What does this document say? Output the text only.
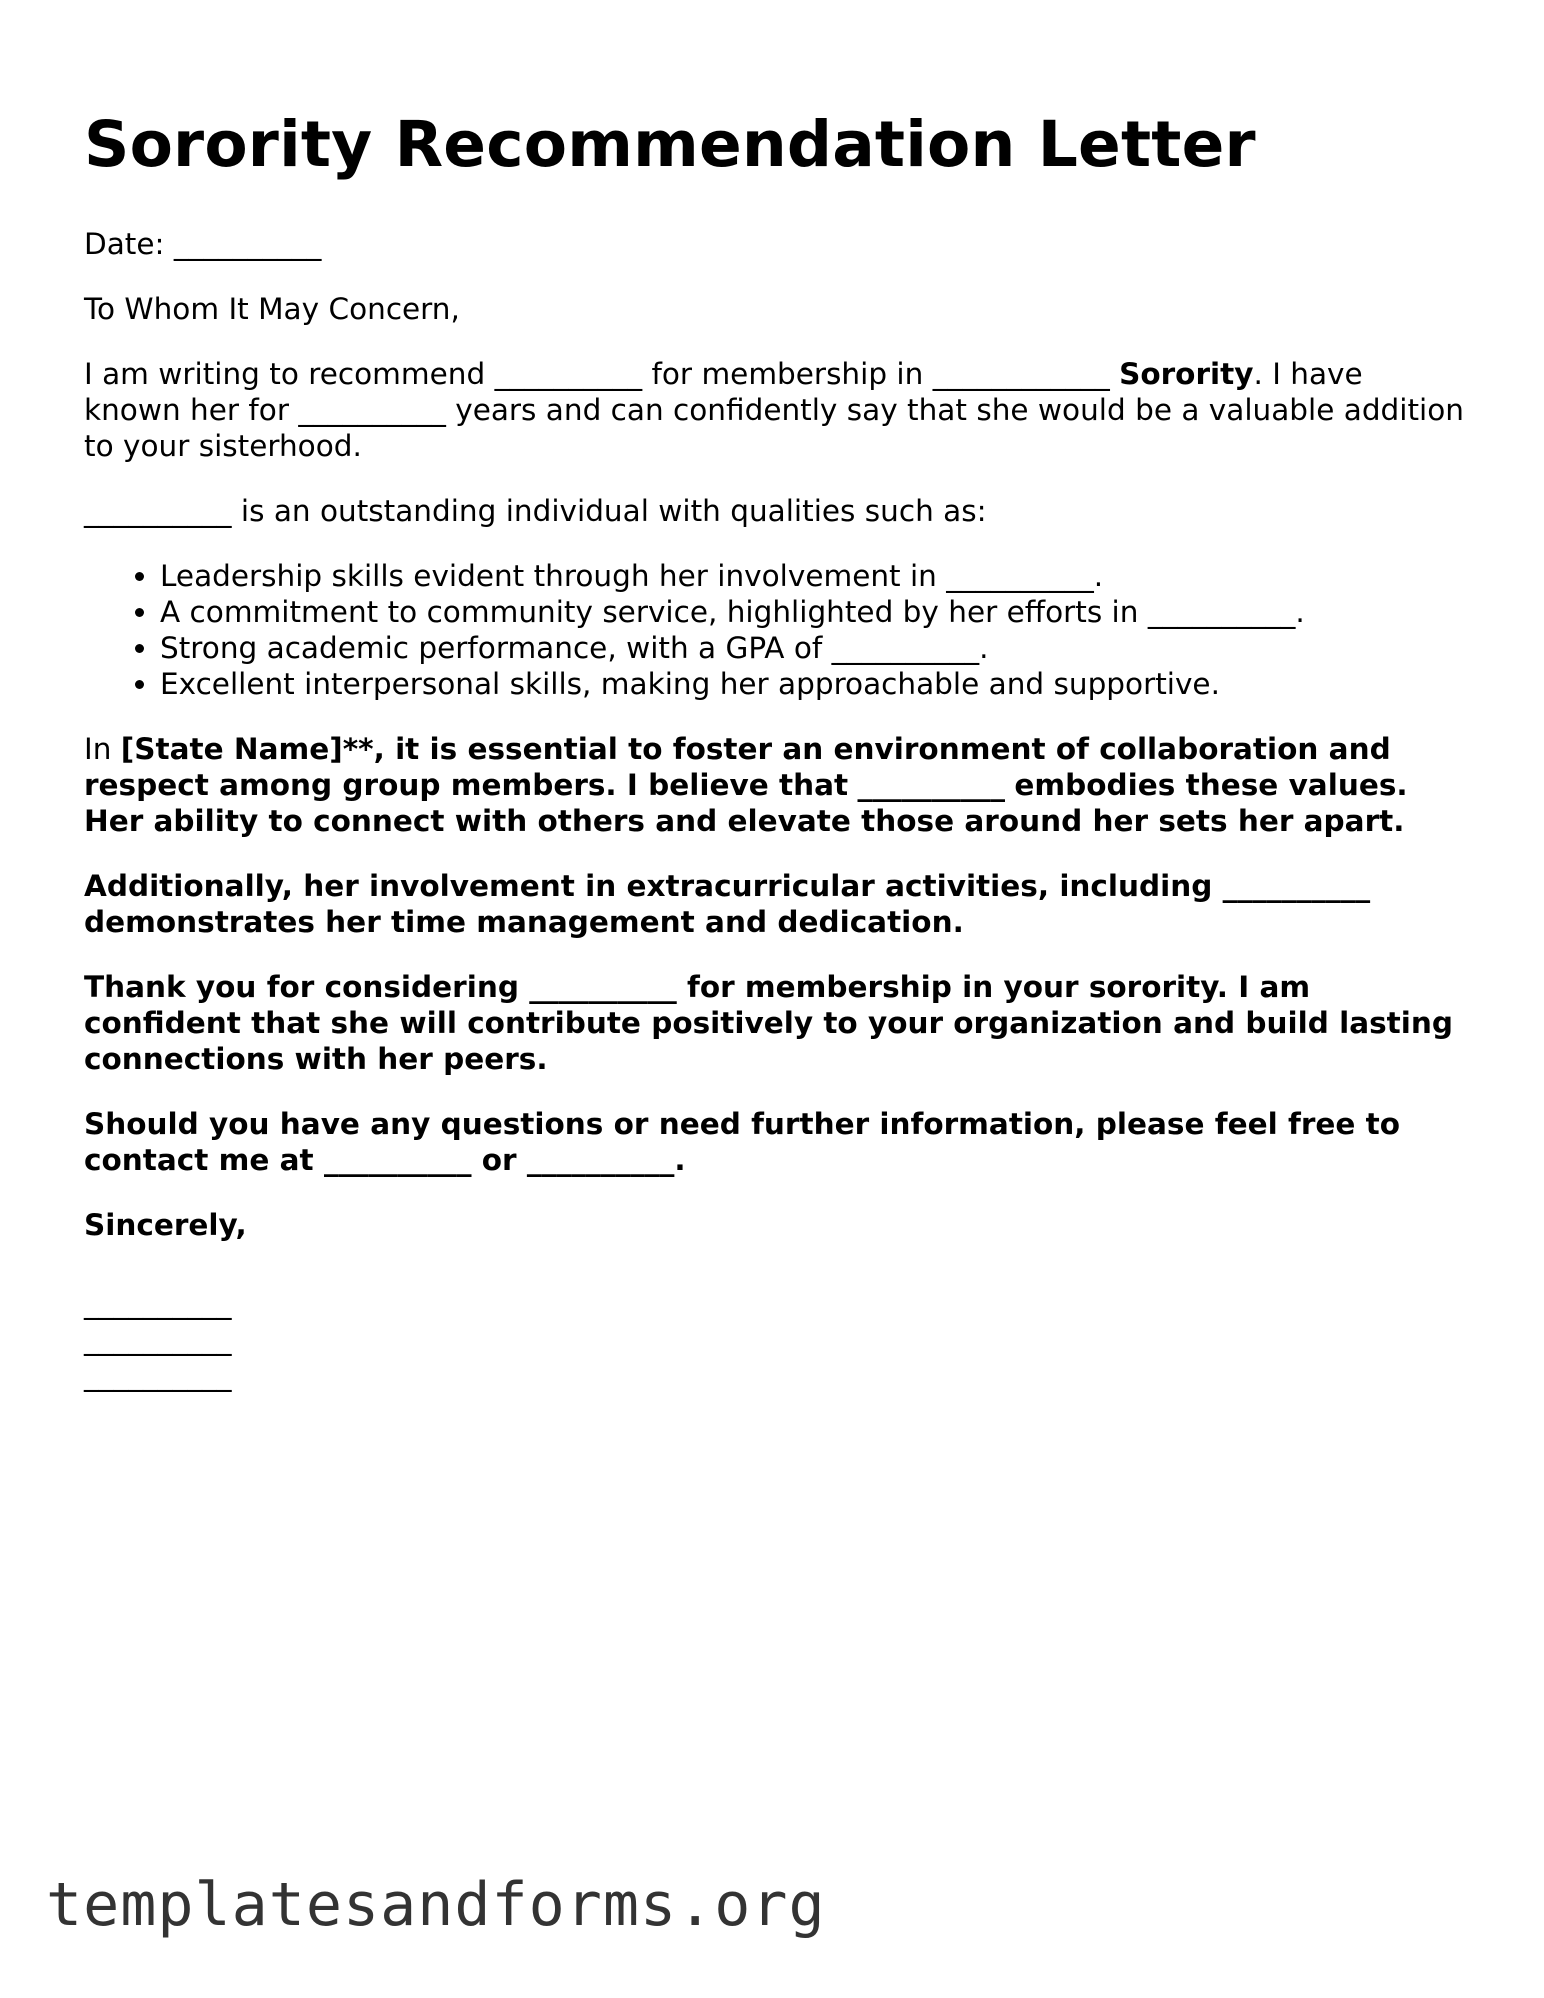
Sorority Recommendation Letter

Date: __________

To Whom It May Concern,

I am writing to recommend __________ for membership in ____________ Sorority. I have known her for __________ years and can confidently say that she would be a valuable addition to your sisterhood.

__________ is an outstanding individual with qualities such as:

• Leadership skills evident through her involvement in __________.
• A commitment to community service, highlighted by her efforts in __________.
• Strong academic performance, with a GPA of __________.
• Excellent interpersonal skills, making her approachable and supportive.

In [State Name]**, it is essential to foster an environment of collaboration and respect among group members. I believe that __________ embodies these values. Her ability to connect with others and elevate those around her sets her apart.

Additionally, her involvement in extracurricular activities, including __________ demonstrates her time management and dedication.

Thank you for considering __________ for membership in your sorority. I am confident that she will contribute positively to your organization and build lasting connections with her peers.

Should you have any questions or need further information, please feel free to contact me at __________ or __________.

Sincerely,

__________

__________

__________

templatesandforms.org
